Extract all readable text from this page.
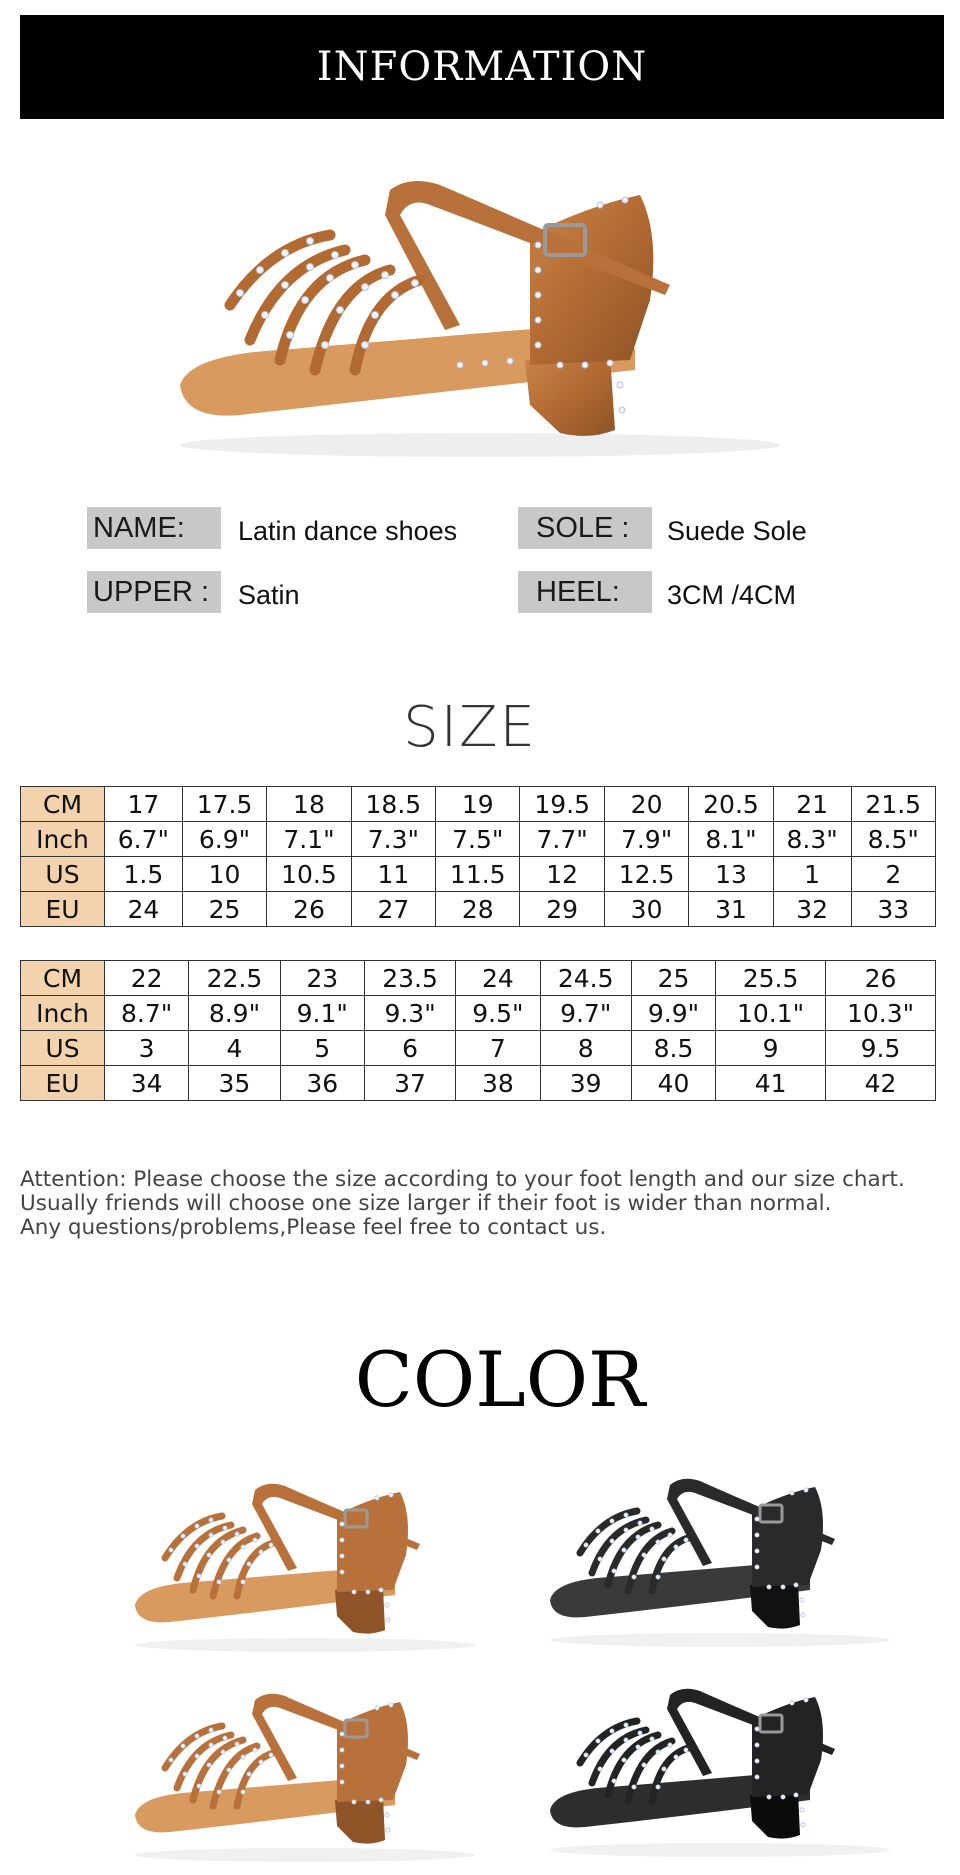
INFORMATION
NAME:	Latin dance shoes	SOLE :	Suede Sole
UPPER :	Satin	HEEL:	3CM /4CM
SIZE
CM	17	17.5	18	18.5	19	19.5	20	20.5	21	21.5
Inch	6.7"	6.9"	7.1"	7.3"	7.5"	7.7"	7.9"	8.1"	8.3"	8.5"
US	1.5	10	10.5	11	11.5	12	12.5	13	1	2
EU	24	25	26	27	28	29	30	31	32	33
CM	22	22.5	23	23.5	24	24.5	25	25.5	26
Inch	8.7"	8.9"	9.1"	9.3"	9.5"	9.7"	9.9"	10.1"	10.3"
US	3	4	5	6	7	8	8.5	9	9.5
EU	34	35	36	37	38	39	40	41	42
Attention: Please choose the size according to your foot length and our size chart.
Usually friends will choose one size larger if their foot is wider than normal.
Any questions/problems,Please feel free to contact us.
COLOR
